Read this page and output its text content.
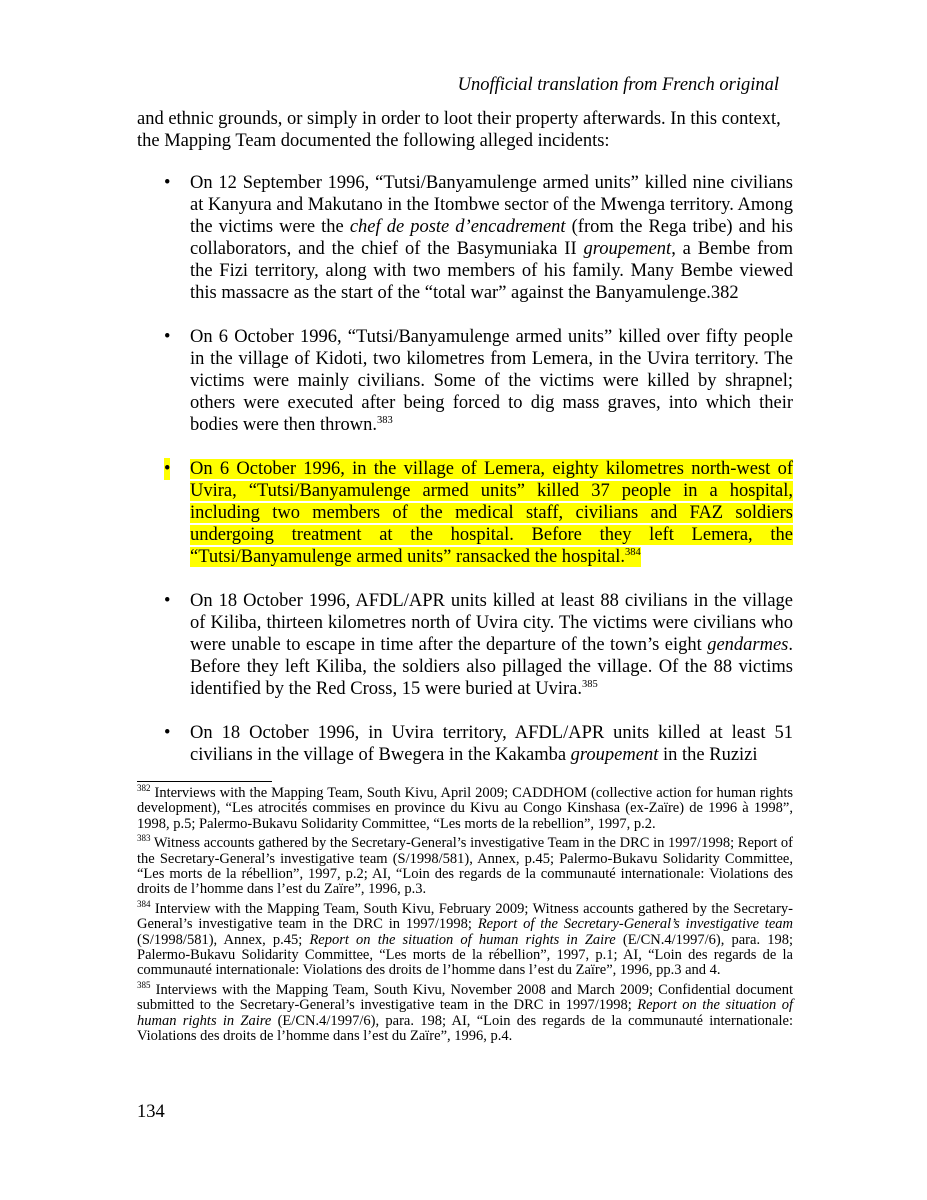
Unofficial translation from French original
and ethnic grounds, or simply in order to loot their property afterwards. In this context, the Mapping Team documented the following alleged incidents:
• On 12 September 1996, “Tutsi/Banyamulenge armed units” killed nine civilians at Kanyura and Makutano in the Itombwe sector of the Mwenga territory. Among the victims were the chef de poste d’encadrement (from the Rega tribe) and his collaborators, and the chief of the Basymuniaka II groupement, a Bembe from the Fizi territory, along with two members of his family. Many Bembe viewed this massacre as the start of the “total war” against the Banyamulenge.382
• On 6 October 1996, “Tutsi/Banyamulenge armed units” killed over fifty people in the village of Kidoti, two kilometres from Lemera, in the Uvira territory. The victims were mainly civilians. Some of the victims were killed by shrapnel; others were executed after being forced to dig mass graves, into which their bodies were then thrown.$^{383}$
• On 6 October 1996, in the village of Lemera, eighty kilometres north-west of Uvira, “Tutsi/Banyamulenge armed units” killed 37 people in a hospital, including two members of the medical staff, civilians and FAZ soldiers undergoing treatment at the hospital. Before they left Lemera, the “Tutsi/Banyamulenge armed units” ransacked the hospital.$^{384}$
• On 18 October 1996, AFDL/APR units killed at least 88 civilians in the village of Kiliba, thirteen kilometres north of Uvira city. The victims were civilians who were unable to escape in time after the departure of the town’s eight gendarmes. Before they left Kiliba, the soldiers also pillaged the village. Of the 88 victims identified by the Red Cross, 15 were buried at Uvira.$^{385}$
• On 18 October 1996, in Uvira territory, AFDL/APR units killed at least 51 civilians in the village of Bwegera in the Kakamba groupement in the Ruzizi
$^{382}$ Interviews with the Mapping Team, South Kivu, April 2009; CADDHOM (collective action for human rights development), “Les atrocités commises en province du Kivu au Congo Kinshasa (ex-Zaïre) de 1996 à 1998”, 1998, p.5; Palermo-Bukavu Solidarity Committee, “Les morts de la rebellion”, 1997, p.2.
$^{383}$ Witness accounts gathered by the Secretary-General’s investigative Team in the DRC in 1997/1998; Report of the Secretary-General’s investigative team (S/1998/581), Annex, p.45; Palermo-Bukavu Solidarity Committee, “Les morts de la rébellion”, 1997, p.2; AI, “Loin des regards de la communauté internationale: Violations des droits de l’homme dans l’est du Zaïre”, 1996, p.3.
$^{384}$ Interview with the Mapping Team, South Kivu, February 2009; Witness accounts gathered by the Secretary-General’s investigative team in the DRC in 1997/1998; Report of the Secretary-General’s investigative team (S/1998/581), Annex, p.45; Report on the situation of human rights in Zaire (E/CN.4/1997/6), para. 198; Palermo-Bukavu Solidarity Committee, “Les morts de la rébellion”, 1997, p.1; AI, “Loin des regards de la communauté internationale: Violations des droits de l’homme dans l’est du Zaïre”, 1996, pp.3 and 4.
$^{385}$ Interviews with the Mapping Team, South Kivu, November 2008 and March 2009; Confidential document submitted to the Secretary-General’s investigative team in the DRC in 1997/1998; Report on the situation of human rights in Zaire (E/CN.4/1997/6), para. 198; AI, “Loin des regards de la communauté internationale: Violations des droits de l’homme dans l’est du Zaïre”, 1996, p.4.
134
